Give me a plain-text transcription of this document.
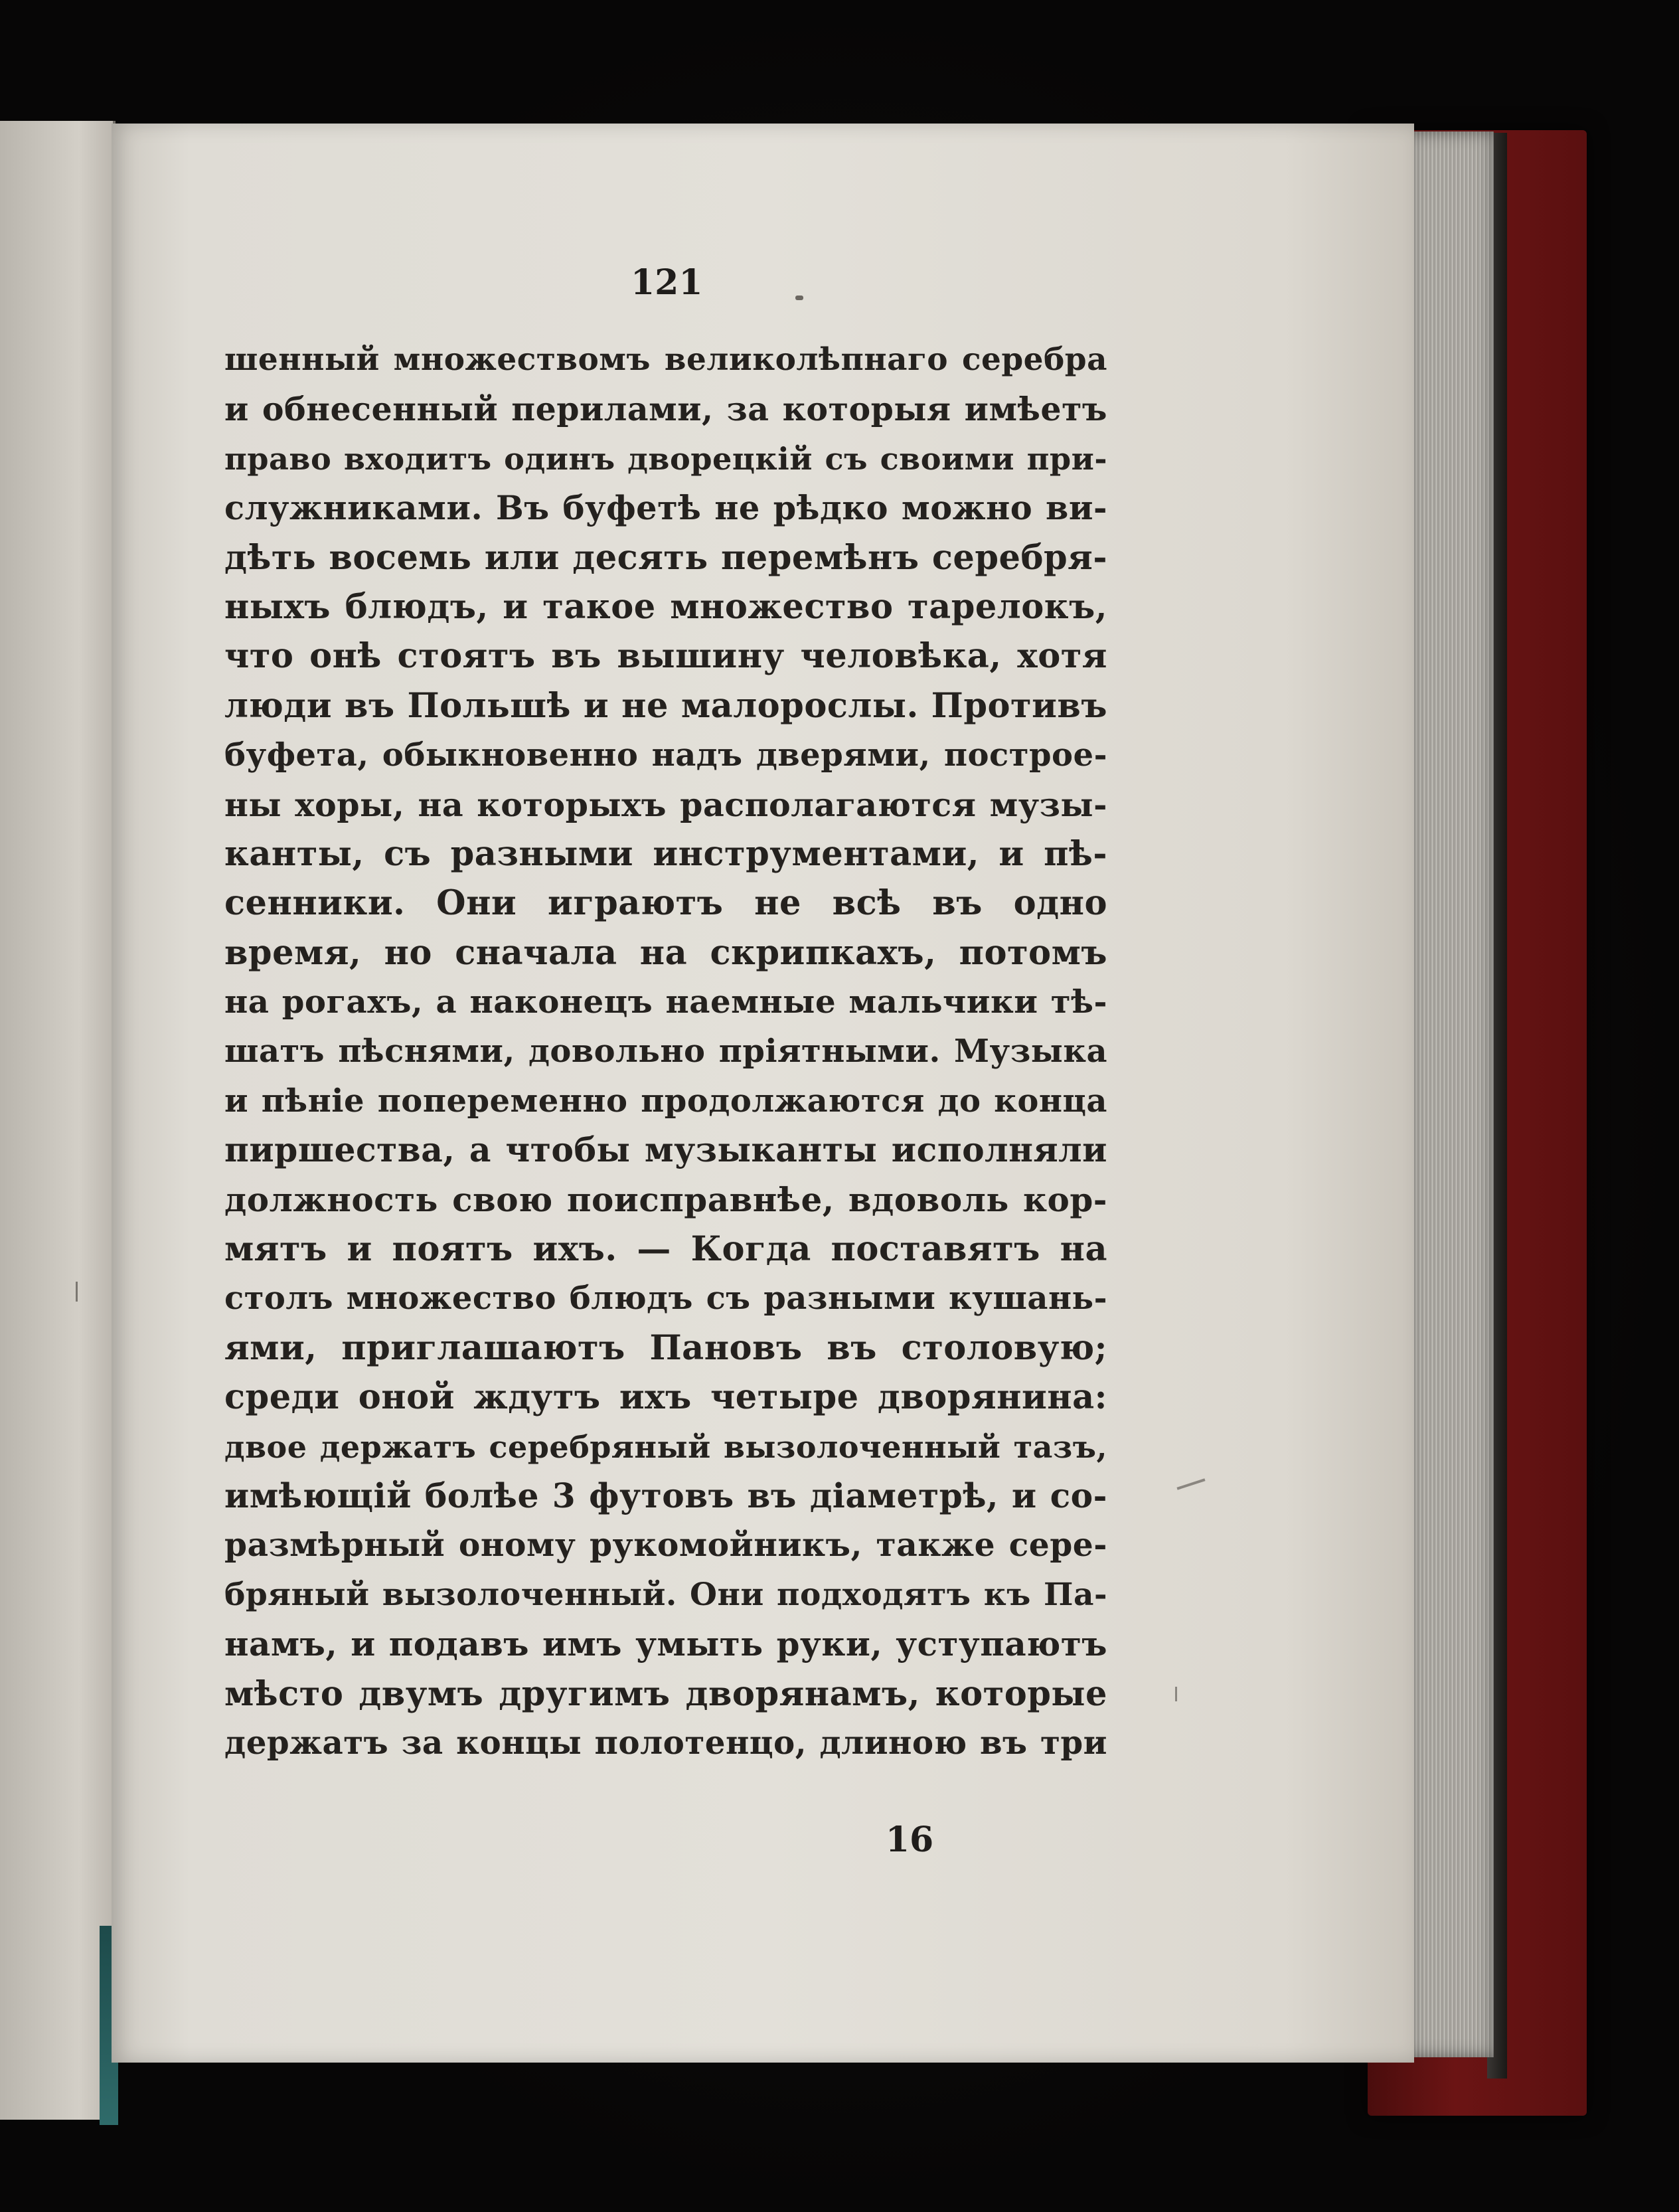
121
шенный множествомъ великолѣпнаго серебра
и обнесенный перилами, за которыя имѣетъ
право входитъ одинъ дворецкій съ своими при-
служниками. Въ буфетѣ не рѣдко можно ви-
дѣть восемь или десять перемѣнъ серебря-
ныхъ блюдъ, и такое множество тарелокъ,
что онѣ стоятъ въ вышину человѣка, хотя
люди въ Польшѣ и не малорослы. Противъ
буфета, обыкновенно надъ дверями, построе-
ны хоры, на которыхъ располагаются музы-
канты, съ разными инструментами, и пѣ-
сенники. Они играютъ не всѣ въ одно
время, но сначала на скрипкахъ, потомъ
на рогахъ, а наконецъ наемные мальчики тѣ-
шатъ пѣснями, довольно пріятными. Музыка
и пѣніе попеременно продолжаются до конца
пиршества, а чтобы музыканты исполняли
должность свою поисправнѣе, вдоволь кор-
мятъ и поятъ ихъ. — Когда поставятъ на
столъ множество блюдъ съ разными кушань-
ями, приглашаютъ Пановъ въ столовую;
среди оной ждутъ ихъ четыре дворянина:
двое держатъ серебряный вызолоченный тазъ,
имѣющій болѣе 3 футовъ въ діаметрѣ, и со-
размѣрный оному рукомойникъ, также сере-
бряный вызолоченный. Они подходятъ къ Па-
намъ, и подавъ имъ умыть руки, уступаютъ
мѣсто двумъ другимъ дворянамъ, которые
держатъ за концы полотенцо, длиною въ три
16
